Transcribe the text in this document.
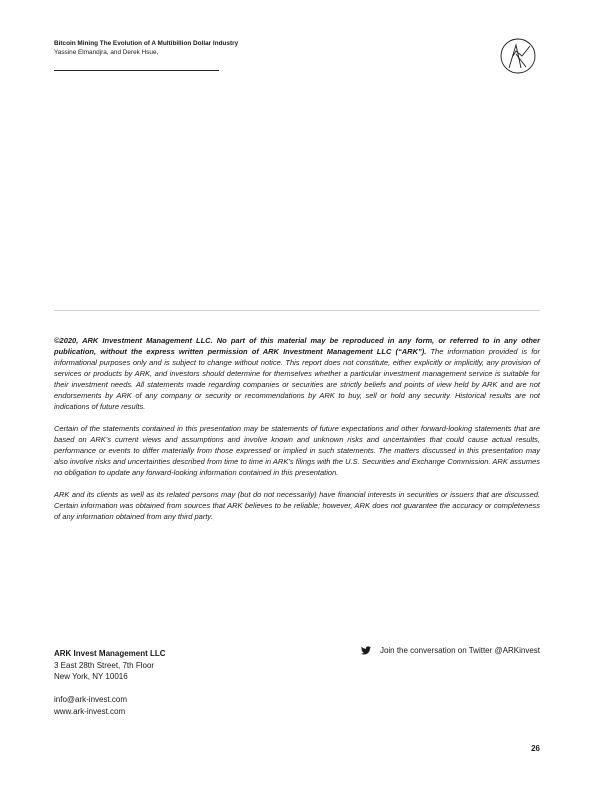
Bitcoin Mining The Evolution of A Multibillion Dollar Industry

Yassine Elmandjra, and Derek Hsue,

©2020, ARK Investment Management LLC. No part of this material may be reproduced in any form, or referred to in any other publication, without the express written permission of ARK Investment Management LLC (“ARK”). The information provided is for informational purposes only and is subject to change without notice. This report does not constitute, either explicitly or implicitly, any provision of services or products by ARK, and investors should determine for themselves whether a particular investment management service is suitable for their investment needs. All statements made regarding companies or securities are strictly beliefs and points of view held by ARK and are not endorsements by ARK of any company or security or recommendations by ARK to buy, sell or hold any security. Historical results are not indications of future results.

Certain of the statements contained in this presentation may be statements of future expectations and other forward-looking statements that are based on ARK’s current views and assumptions and involve known and unknown risks and uncertainties that could cause actual results, performance or events to differ materially from those expressed or implied in such statements. The matters discussed in this presentation may also involve risks and uncertainties described from time to time in ARK’s filings with the U.S. Securities and Exchange Commission. ARK assumes no obligation to update any forward-looking information contained in this presentation.

ARK and its clients as well as its related persons may (but do not necessarily) have financial interests in securities or issuers that are discussed. Certain information was obtained from sources that ARK believes to be reliable; however, ARK does not guarantee the accuracy or completeness of any information obtained from any third party.

ARK Invest Management LLC
3 East 28th Street, 7th Floor
New York, NY 10016
info@ark-invest.com
www.ark-invest.com
Join the conversation on Twitter @ARKinvest
26
